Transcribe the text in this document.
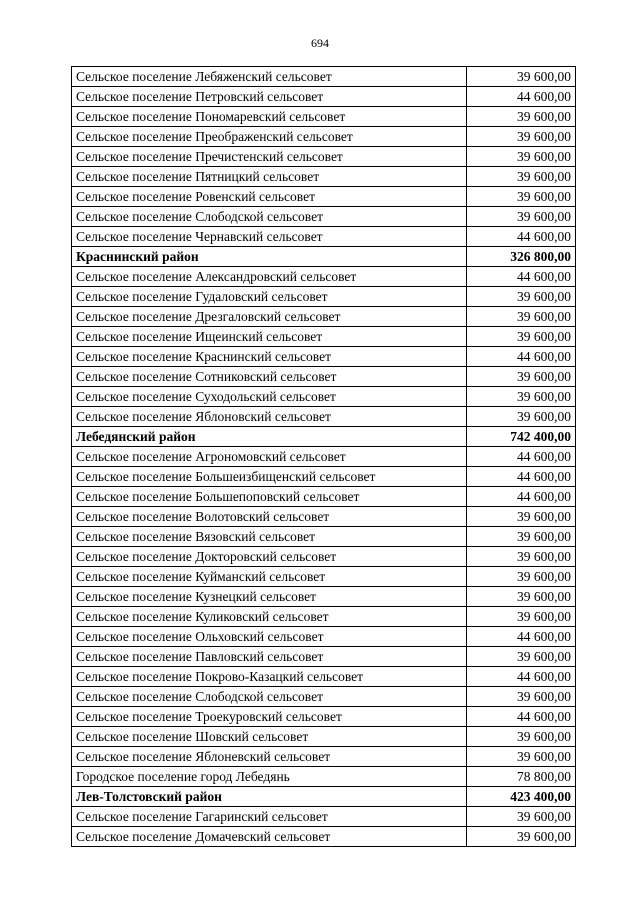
694
Сельское поселение Лебяженский сельсовет	39 600,00
Сельское поселение Петровский сельсовет	44 600,00
Сельское поселение Пономаревский сельсовет	39 600,00
Сельское поселение Преображенский сельсовет	39 600,00
Сельское поселение Пречистенский сельсовет	39 600,00
Сельское поселение Пятницкий сельсовет	39 600,00
Сельское поселение Ровенский сельсовет	39 600,00
Сельское поселение Слободской сельсовет	39 600,00
Сельское поселение Чернавский сельсовет	44 600,00
Краснинский район	326 800,00
Сельское поселение Александровский сельсовет	44 600,00
Сельское поселение Гудаловский сельсовет	39 600,00
Сельское поселение Дрезгаловский сельсовет	39 600,00
Сельское поселение Ищеинский сельсовет	39 600,00
Сельское поселение Краснинский сельсовет	44 600,00
Сельское поселение Сотниковский сельсовет	39 600,00
Сельское поселение Суходольский сельсовет	39 600,00
Сельское поселение Яблоновский сельсовет	39 600,00
Лебедянский район	742 400,00
Сельское поселение Агрономовский сельсовет	44 600,00
Сельское поселение Большеизбищенский сельсовет	44 600,00
Сельское поселение Большепоповский сельсовет	44 600,00
Сельское поселение Волотовский сельсовет	39 600,00
Сельское поселение Вязовский сельсовет	39 600,00
Сельское поселение Докторовский сельсовет	39 600,00
Сельское поселение Куйманский сельсовет	39 600,00
Сельское поселение Кузнецкий сельсовет	39 600,00
Сельское поселение Куликовский сельсовет	39 600,00
Сельское поселение Ольховский сельсовет	44 600,00
Сельское поселение Павловский сельсовет	39 600,00
Сельское поселение Покрово-Казацкий сельсовет	44 600,00
Сельское поселение Слободской сельсовет	39 600,00
Сельское поселение Троекуровский сельсовет	44 600,00
Сельское поселение Шовский сельсовет	39 600,00
Сельское поселение Яблоневский сельсовет	39 600,00
Городское поселение город Лебедянь	78 800,00
Лев-Толстовский район	423 400,00
Сельское поселение Гагаринский сельсовет	39 600,00
Сельское поселение Домачевский сельсовет	39 600,00
